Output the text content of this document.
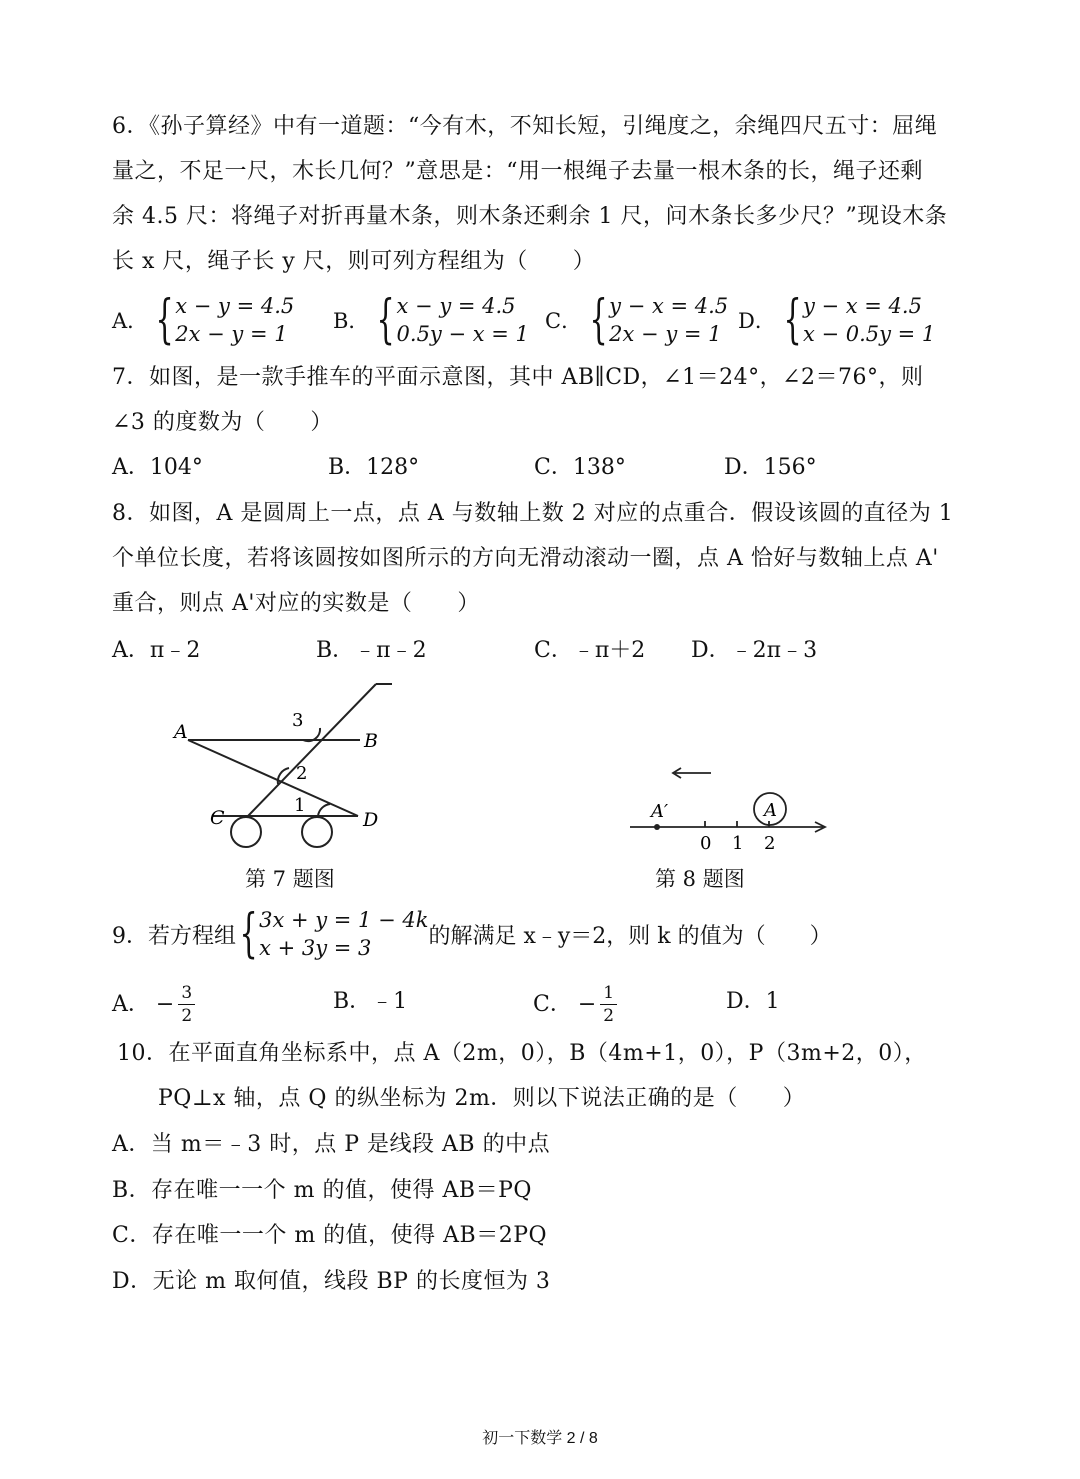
6．《孙子算经》中有一道题：“今有木，不知长短，引绳度之，余绳四尺五寸：屈绳
量之，不足一尺，木长几何？”意思是：“用一根绳子去量一根木条的长，绳子还剩
余 4.5 尺：将绳子对折再量木条，则木条还剩余 1 尺，问木条长多少尺？”现设木条
长 x 尺，绳子长 y 尺，则可列方程组为（　　）
A． { x − y = 4.5
2x − y = 1
B． { x − y = 4.5
0.5y − x = 1
C． { y − x = 4.5
2x − y = 1
D． { y − x = 4.5
x − 0.5y = 1
7．如图，是一款手推车的平面示意图，其中 AB∥CD，∠1＝24°，∠2＝76°，则
∠3 的度数为（　　）
A．104°	B．128°	C．138°	D．156°
8．如图，A 是圆周上一点，点 A 与数轴上数 2 对应的点重合．假设该圆的直径为 1
个单位长度，若将该圆按如图所示的方向无滑动滚动一圈，点 A 恰好与数轴上点 A'
重合，则点 A'对应的实数是（　　）
A．π﹣2	B．﹣π﹣2	C．﹣π＋2 D．﹣2π﹣3
A	B
C	D
3
2
1
第 7 题图
A′
0 1 2
A
第 8 题图
9．若方程组 { 3x + y = 1 − 4k
x + 3y = 3	的解满足 x﹣y＝2，则 k 的值为（　　）
A． − $\frac{3}{2}$	B．﹣1	C． − $\frac{1}{2}$	D．1
10．在平面直角坐标系中，点 A（2m，0），B（4m+1，0），P（3m+2，0），
PQ⊥x 轴，点 Q 的纵坐标为 2m．则以下说法正确的是（　　）
A．当 m＝﹣3 时，点 P 是线段 AB 的中点
B．存在唯一一个 m 的值，使得 AB＝PQ
C．存在唯一一个 m 的值，使得 AB＝2PQ
D．无论 m 取何值，线段 BP 的长度恒为 3
初一下数学 2 / 8
